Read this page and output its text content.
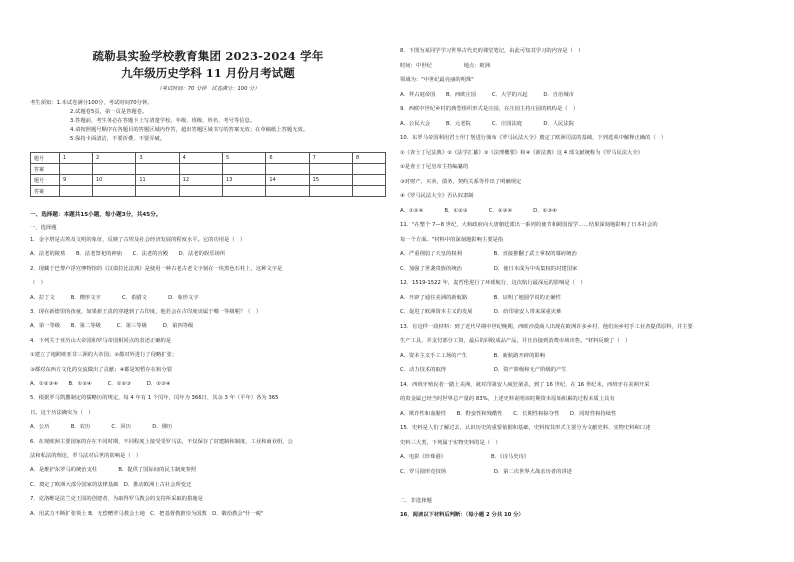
疏勒县实验学校教育集团 2023-2024 学年
九年级历史学科 11 月份月考试题
（考试时间：70 分钟　试卷满分：100 分）
考生须知：1.本试卷满分100分，考试时间70分钟。
2.试题卷5页，第一页是答题卷。
3.答题前，考生务必在答题卡上写清楚学校、年级、班级、姓名、考号等信息。
4.请按照题号顺序在各题目的答题区域内作答，超出答题区域书写的答案无效；在草稿纸上答题无效。
5.保持卡面清洁，不要折叠、不要弄破。
题号	1	2	3	4	5	6	7	8
答案								
题号	9	10	11	12	13	14	15	
答案								
一、选择题：本题共15小题，每小题3分，共45分。
一、选择题
1．金字塔是古埃及文明的象征，反映了古埃及社会经济发展的程度水平。它的功用是（　）
A．法老的陵墓　　B．法老祭祀的神庙　　C．法老的宫殿　　D．法老的娱乐场所
2．现藏于巴黎卢浮宫博物馆的《汉谟拉比法典》是使用一种古老古老文字刻在一块黑色石柱上，这种文字是
（　）
A．拉丁文　　　B．楔形文字　　　　C．希腊文　　　　D．象形文字
3．现在新德里的孩童，如果新王真的穿越到了古印度，他若会在古印度该属于哪一等级呢？（　）
A．第一等级　　B．第二等级　　　C．第三等级　　　D．第四等级
4．下列关于亚历山大帝国和罗马帝国相同点的表述正确的是
①建立了地跨欧亚非三洲的大帝国；②都对外进行了侵略扩张；
③都对东西方文化的交流做出了贡献；④都是短暂存在和分裂
A．①②③④　　B．①②④　　　C．①②③　　　D．②③④
5．根据罗马凯撒制定的儒略历的规定，每 4 年有 1 个闰年，闰年为 366日，其余 3 年（平年）各为 365
日。这个历法确实为（　）
A．公历　　　　B．农历　　　　C．回历　　　　D．佛历
6．在现欧洲主要国家的存在不同时期、不同程度上接受受罗马法，不仅保存了封建制和制度，工业和商业组，公
法和私法的理论，罗马法对后世的影响是（　）
A．是维护东罗马的统治支柱　　　　B．提供了国际间的民主制度参照
C．奠定了欧洲大部分国家的法律基础　D．推动欧洲上古社会所变迁
7．克洛维是法兰克王国的创建者，为取得罗马教会的支持所采取的措施是
A．用武力不断扩张领土 B．无偿赠罗马教会土地　C．把基督教推崇为国教　D．敬给教会"什一税"
8．下图为某同学学习世界古代史的课堂笔记，由此可知其学习的内容是（　）
时间：中世纪　　　　　　地点：欧洲
领域为："中世纪最亮丽的明珠"
A．拜占庭帝国　　B．西欧庄园　　　C．大学的兴起　　　D．自治城市
9．西欧中世纪乡村的典型组织形式是庄园，在庄园主持庄园的机构是（　）
A．公民大会　　　B．元老院　　　　C．庄园法庭　　　　D．人民法院
10．东罗马帝国利用君士坦丁堡进行颁布《罗马民法大全》奠定了欧洲司法的基础，下列选项中解释正确的（　）
①《查士丁尼法典》②《法学汇纂》③《法理概要》和④《新法典》这 4 部文献统称为《罗马民法大全》
②是查士丁尼皇帝主持编纂的
③对财产，买卖，债务，契约关系等作出了明确规定
④《罗马民法大全》否认奴隶制
A．①②④　　　　B．①②③　　　　C．②③④　　　　D．①③④
11．"在整个 7—8 世纪，大和政府向大唐朝廷派出一系列的使节和跨国留学……结果深刻地影响了日本社会的
每一个方面。"材料中的深刻地影响主要是指
A．严重削弱了天皇的权利　　　　　　B．直接推翻了武士掌权的幕府统治
C．加强了世袭贵族的统治　　　　　　D．使日本成为中央集权的封建国家
12．1519-1522 年，麦哲伦进行了环球航行，这次航行最深远的影响是（　）
A．开辟了通往美洲的新航路　　　　　B．证明了地圆学说的正确性
C．促进了欧洲资本主义的发展　　　　D．给印第安人带来深重灾难
13．有这样一段材料：到了近代早期中世纪晚期，西欧沙漠商人出现在欧洲许多乡村，他们向乡村手工业者提供原料，并主要
生产工具，并支付部分工资，最后的回收成品产品，并且直接到消费市场出售。"材料反映了（　）
A．资本主义手工工场的产生　　　　　B．新航路开辟的影响
C．动力技术的取得　　　　　　　　　D．资产阶级和无产阶级的产生
14．西班牙殖民者一踏上美洲，就对印第安人疯狂屠杀。到了 16 世纪，在 16 世纪末，西班牙在美洲开采
的贵金属已经当时世界总产量的 83%，上述史料说明该时期资本原始积累的过程本质上具有
A．欺诈性和血腥性　　B．野蛮性和残酷性　　C．长期性和掠夺性　　D．同时性和持续性
15．史料是人们了解过去，认识历史的重要依据和基础，史料按其形式主要分为文献史料、实物史料和口述
史料三大类，下列属于实物史料的是（　）
A．电影《珍珠港》　　　　　　　　　B．《诗马史诗》
C．罗马圆形竞技场　　　　　　　　　D．第二次世界大战亲历者的讲述
二、非选择题
16．阅读以下材料后判断：（每小题 2 分共 10 分）
